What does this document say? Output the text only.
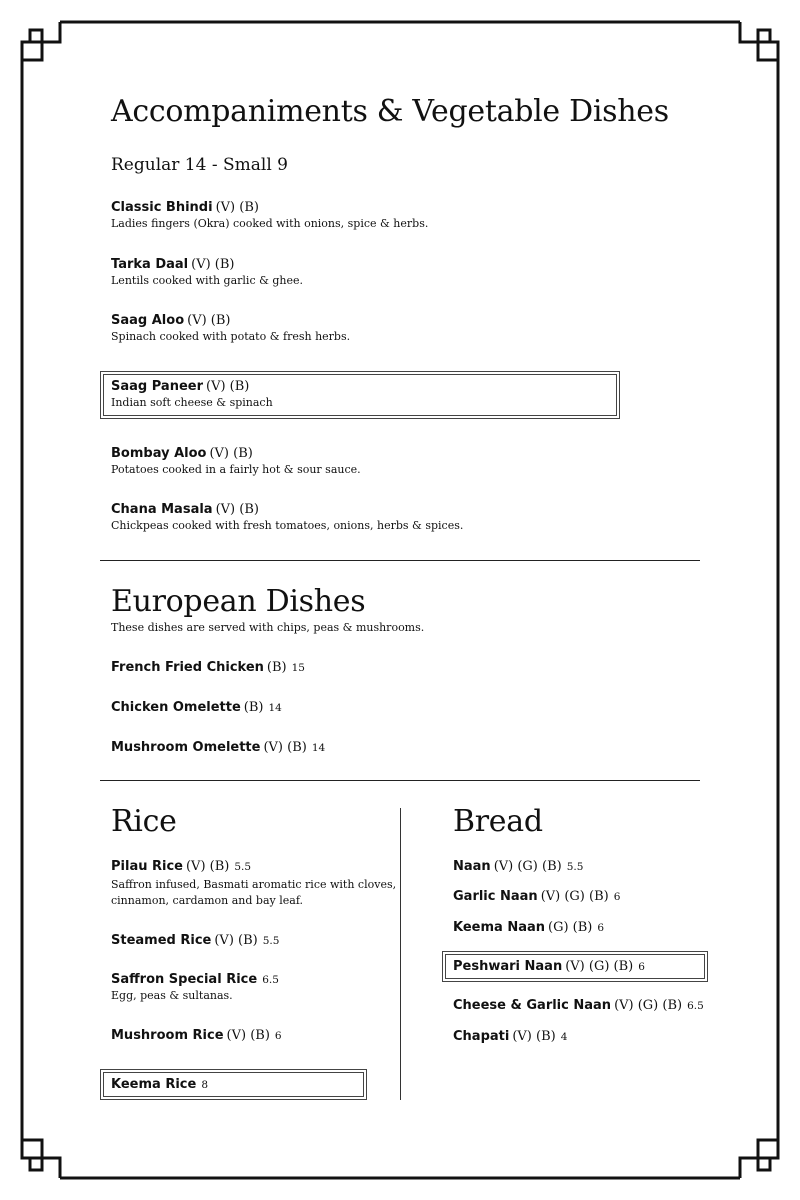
Accompaniments & Vegetable Dishes
Regular 14 - Small 9
Classic Bhindi (V) (B)
Ladies fingers (Okra) cooked with onions, spice & herbs.
Tarka Daal (V) (B)
Lentils cooked with garlic & ghee.
Saag Aloo (V) (B)
Spinach cooked with potato & fresh herbs.
Saag Paneer (V) (B)
Indian soft cheese & spinach
Bombay Aloo (V) (B)
Potatoes cooked in a fairly hot & sour sauce.
Chana Masala (V) (B)
Chickpeas cooked with fresh tomatoes, onions, herbs & spices.
European Dishes
These dishes are served with chips, peas & mushrooms.
French Fried Chicken (B) 15
Chicken Omelette (B) 14
Mushroom Omelette (V) (B) 14
Rice
Pilau Rice (V) (B) 5.5
Saffron infused, Basmati aromatic rice with cloves,
cinnamon, cardamon and bay leaf.
Steamed Rice (V) (B) 5.5
Saffron Special Rice 6.5
Egg, peas & sultanas.
Mushroom Rice (V) (B) 6
Keema Rice 8
Bread
Naan (V) (G) (B) 5.5
Garlic Naan (V) (G) (B) 6
Keema Naan (G) (B) 6
Peshwari Naan (V) (G) (B) 6
Cheese & Garlic Naan (V) (G) (B) 6.5
Chapati (V) (B) 4
